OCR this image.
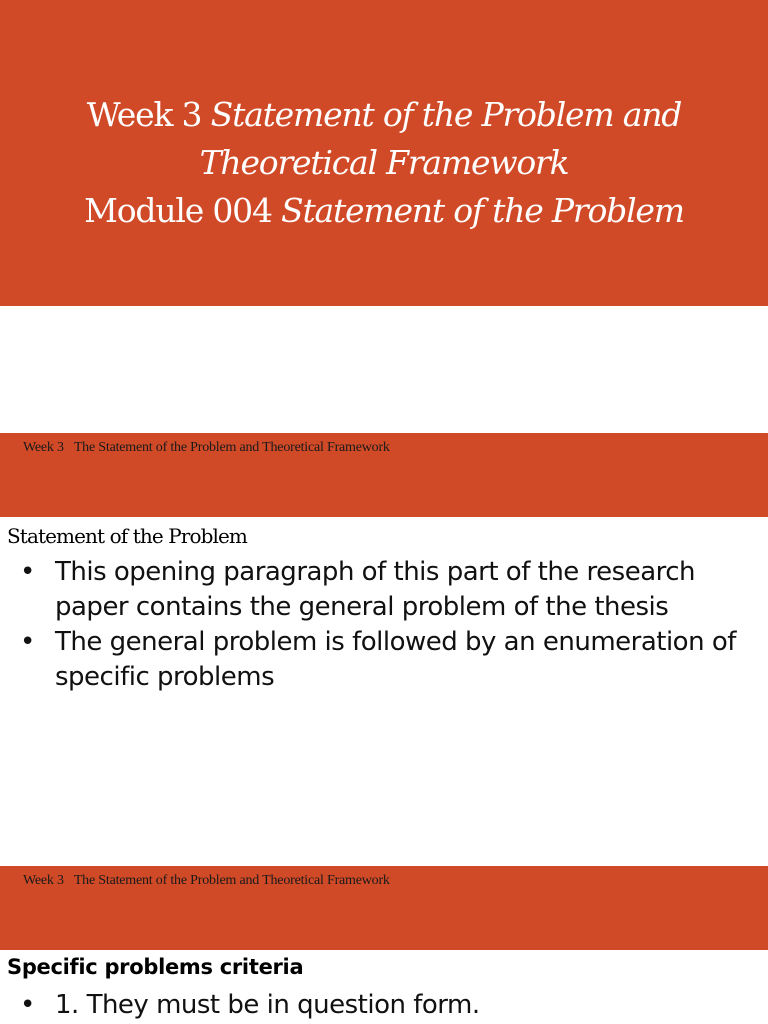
Week 3 Statement of the Problem and
Theoretical Framework
Module 004 Statement of the Problem
Week 3 The Statement of the Problem and Theoretical Framework
Statement of the Problem
• This opening paragraph of this part of the research paper contains the general problem of the thesis
• The general problem is followed by an enumeration of specific problems
Week 3 The Statement of the Problem and Theoretical Framework
Specific problems criteria
• 1. They must be in question form.
